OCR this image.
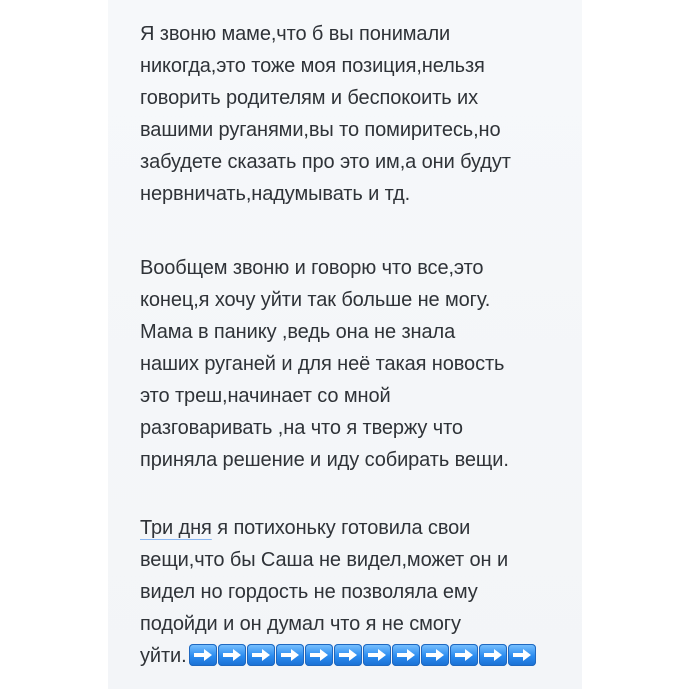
Я звоню маме,что б вы понимали
никогда,это тоже моя позиция,нельзя
говорить родителям и беспокоить их
вашими руганями,вы то помиритесь,но
забудете сказать про это им,а они будут
нервничать,надумывать и тд.
Вообщем звоню и говорю что все,это
конец,я хочу уйти так больше не могу.
Мама в панику ,ведь она не знала
наших руганей и для неё такая новость
это треш,начинает со мной
разговаривать ,на что я твержу что
приняла решение и иду собирать вещи.
Три дня я потихоньку готовила свои
вещи,что бы Саша не видел,может он и
видел но гордость не позволяла ему
подойди и он думал что я не смогу
уйти.
